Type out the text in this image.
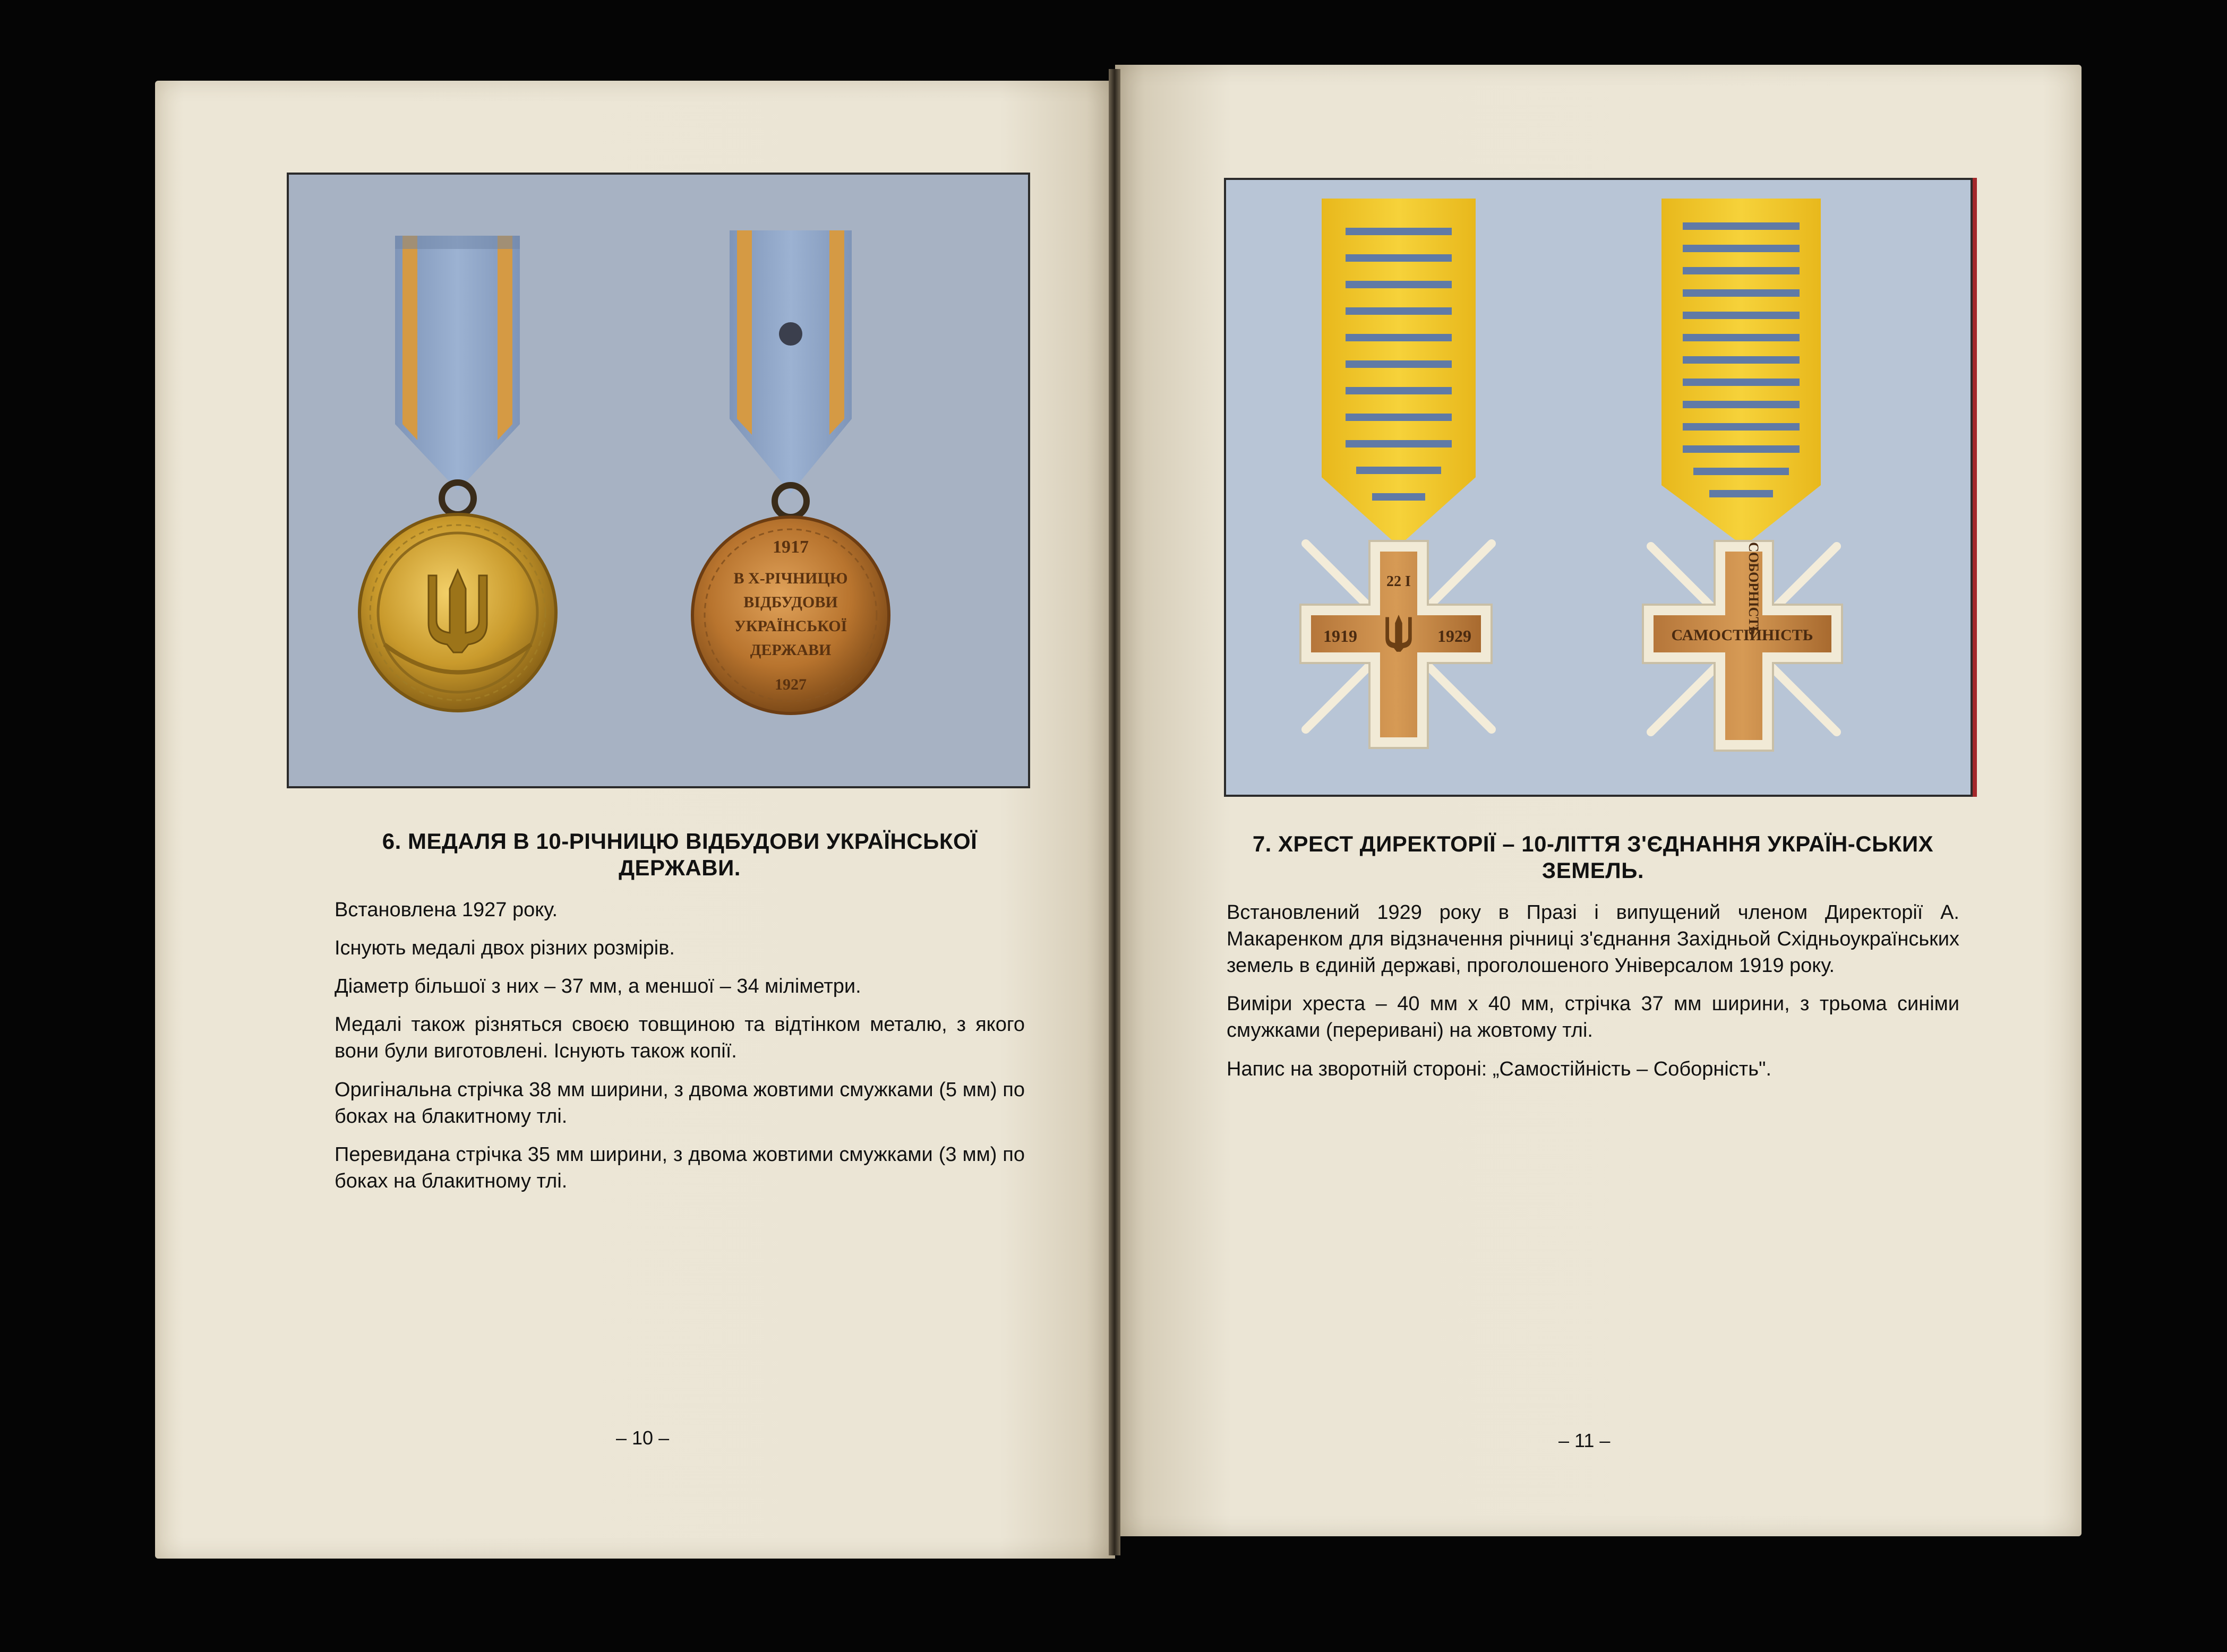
1917
В Х-РІЧНИЦЮ
ВІДБУДОВИ
УКРАЇНСЬКОЇ
ДЕРЖАВИ
1927
22 I
1919	1929	САМОСТІЙНІСТЬ
СОБОРНІСТЬ
6. МЕДАЛЯ В 10-РІЧНИЦЮ ВІДБУДОВИ УКРАЇНСЬКОЇ ДЕРЖАВИ.

Встановлена 1927 року.

Існують медалі двох різних розмірів.

Діаметр більшої з них – 37 мм, а меншої – 34 міліметри.

Медалі також різняться своєю товщиною та відтінком металю, з якого вони були виготовлені. Існують також копії.

Оригінальна стрічка 38 мм ширини, з двома жовтими смужками (5 мм) по боках на блакитному тлі.

Перевидана стрічка 35 мм ширини, з двома жовтими смужками (3 мм) по боках на блакитному тлі.

– 10 –
7. ХРЕСТ ДИРЕКТОРІЇ – 10-ЛІТТЯ З'ЄДНАННЯ УКРАЇН-СЬКИХ ЗЕМЕЛЬ.

Встановлений 1929 року в Празі і випущений членом Директорії А. Макаренком для відзначення річниці з'єднання Західньой Східньоукраїнських земель в єдиній державі, проголошеного Універсалом 1919 року.

Виміри хреста – 40 мм х 40 мм, стрічка 37 мм ширини, з трьома синіми смужками (переривані) на жовтому тлі.

Напис на зворотній стороні: „Самостійність – Соборність".

– 11 –
